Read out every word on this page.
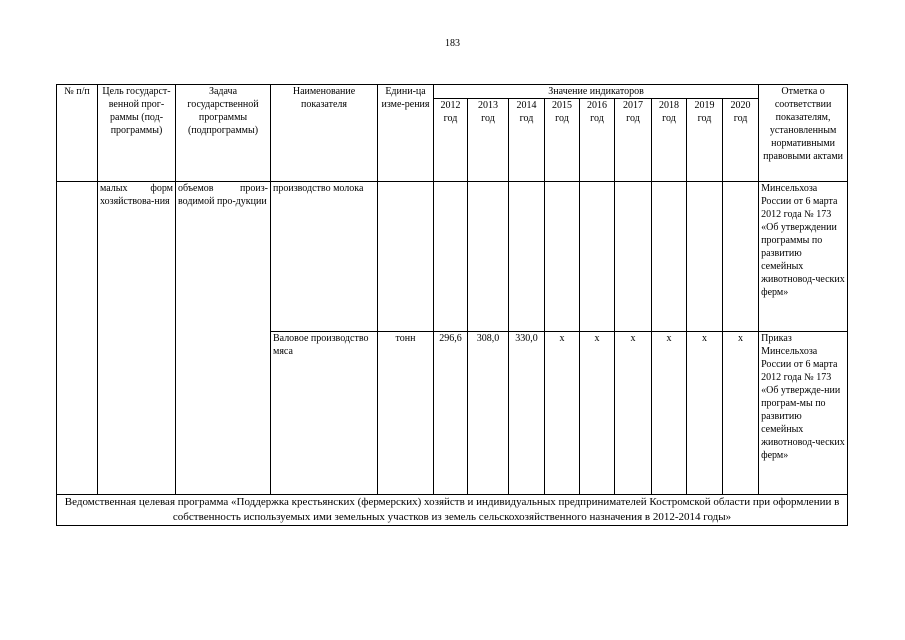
183
№ п/п	Цель государст-венной прог-раммы (под-программы)	Задача государственной программы (подпрограммы)	Наименование показателя	Едини-ца изме-рения	Значение индикаторов									Отметка о соответствии показателям, установленным нормативными правовыми актами
					2012 год	2013 год	2014 год	2015 год	2016 год	2017 год	2018 год	2019 год	2020 год	
	малых форм хозяйствова-ния	объемов произ-водимой про-дукции	производство молока											Минсельхоза России от 6 марта 2012 года № 173 «Об утверждении программы по развитию семейных животновод-ческих ферм»
			Валовое производство мяса	тонн	296,6	308,0	330,0	х	х	х	х	х	х	Приказ Минсельхоза России от 6 марта 2012 года № 173 «Об утвержде-нии програм-мы по развитию семейных животновод-ческих ферм»
Ведомственная целевая программа «Поддержка крестьянских (фермерских) хозяйств и индивидуальных предпринимателей Костромской области при оформлении в собственность используемых ими земельных участков из земель сельскохозяйственного назначения в 2012-2014 годы»														
